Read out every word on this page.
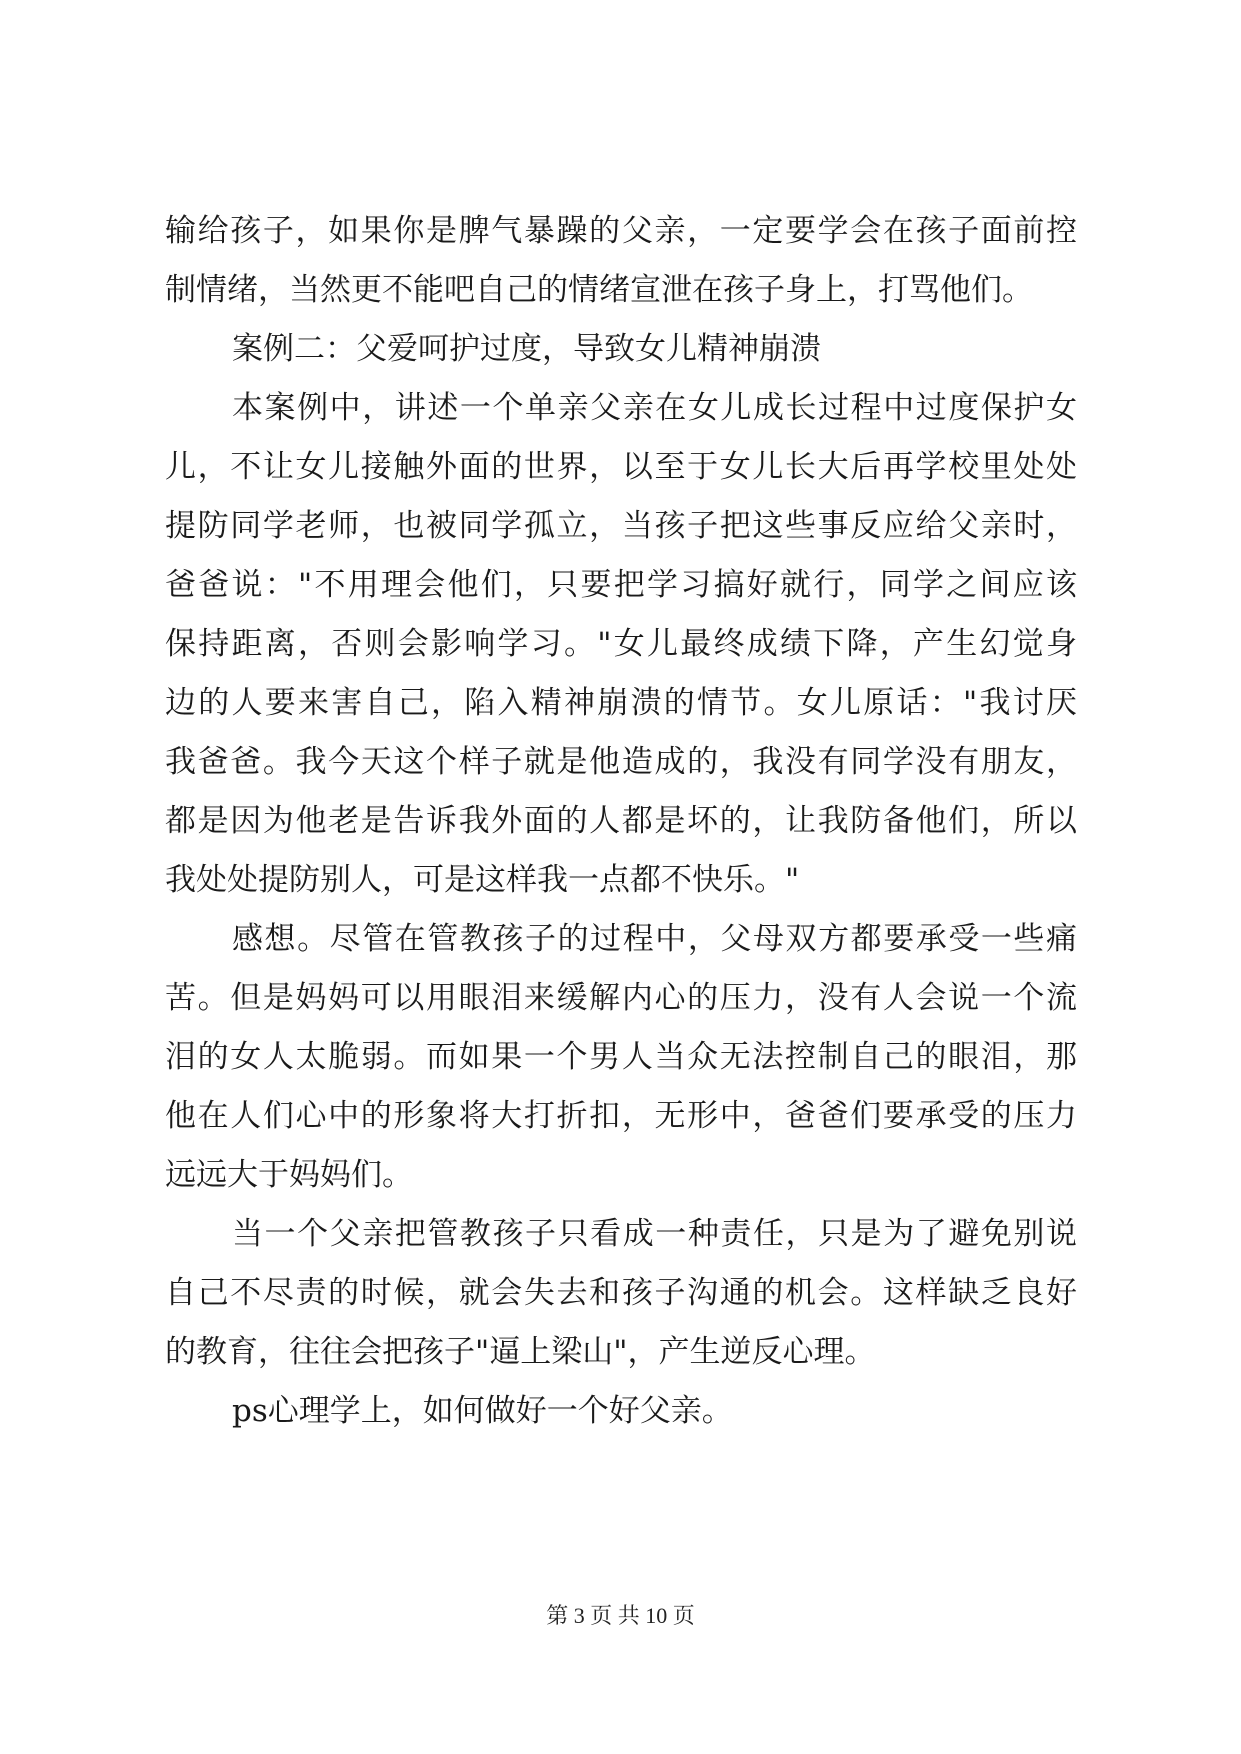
输给孩子，如果你是脾气暴躁的父亲，一定要学会在孩子面前控
制情绪，当然更不能吧自己的情绪宣泄在孩子身上，打骂他们。
案例二：父爱呵护过度，导致女儿精神崩溃
本案例中，讲述一个单亲父亲在女儿成长过程中过度保护女
儿，不让女儿接触外面的世界，以至于女儿长大后再学校里处处
提防同学老师，也被同学孤立，当孩子把这些事反应给父亲时，
爸爸说："不用理会他们，只要把学习搞好就行，同学之间应该
保持距离，否则会影响学习。"女儿最终成绩下降，产生幻觉身
边的人要来害自己，陷入精神崩溃的情节。女儿原话："我讨厌
我爸爸。我今天这个样子就是他造成的，我没有同学没有朋友，
都是因为他老是告诉我外面的人都是坏的，让我防备他们，所以
我处处提防别人，可是这样我一点都不快乐。"
感想。尽管在管教孩子的过程中，父母双方都要承受一些痛
苦。但是妈妈可以用眼泪来缓解内心的压力，没有人会说一个流
泪的女人太脆弱。而如果一个男人当众无法控制自己的眼泪，那
他在人们心中的形象将大打折扣，无形中，爸爸们要承受的压力
远远大于妈妈们。
当一个父亲把管教孩子只看成一种责任，只是为了避免别说
自己不尽责的时候，就会失去和孩子沟通的机会。这样缺乏良好
的教育，往往会把孩子"逼上梁山"，产生逆反心理。
ps心理学上，如何做好一个好父亲。
第 3 页 共 10 页
